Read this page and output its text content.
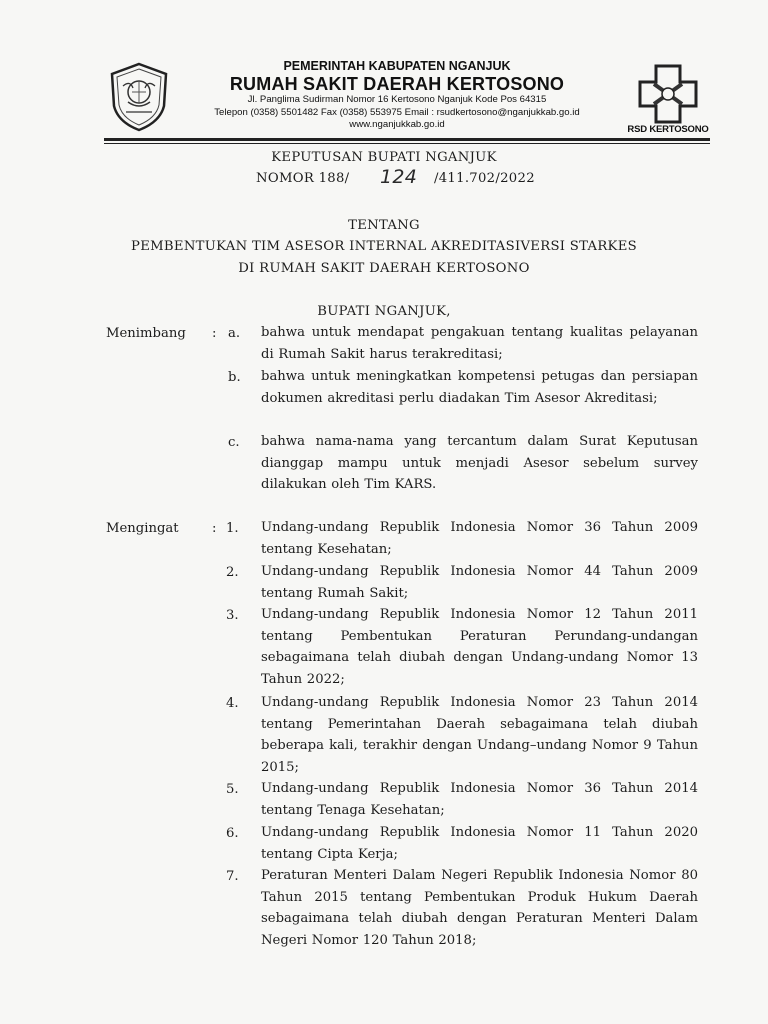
PEMERINTAH KABUPATEN NGANJUK
RUMAH SAKIT DAERAH KERTOSONO
Jl. Panglima Sudirman Nomor 16 Kertosono Nganjuk Kode Pos 64315
Telepon (0358) 5501482 Fax (0358) 553975 Email : rsudkertosono@nganjukkab.go.id
www.nganjukkab.go.id	RSD KERTOSONO
KEPUTUSAN BUPATI NGANJUK
NOMOR 188/ 124 /411.702/2022
TENTANG
PEMBENTUKAN TIM ASESOR INTERNAL AKREDITASIVERSI STARKES
DI RUMAH SAKIT DAERAH KERTOSONO
BUPATI NGANJUK,
Menimbang : a. bahwa untuk mendapat pengakuan tentang kualitas pelayanan di Rumah Sakit harus terakreditasi;
b. bahwa untuk meningkatkan kompetensi petugas dan persiapan dokumen akreditasi perlu diadakan Tim Asesor Akreditasi;
c. bahwa nama-nama yang tercantum dalam Surat Keputusan dianggap mampu untuk menjadi Asesor sebelum survey dilakukan oleh Tim KARS.
Mengingat	: 1. Undang-undang Republik Indonesia Nomor 36 Tahun 2009 tentang Kesehatan;
2. Undang-undang Republik Indonesia Nomor 44 Tahun 2009 tentang Rumah Sakit;
3. Undang-undang Republik Indonesia Nomor 12 Tahun 2011 tentang Pembentukan Peraturan Perundang-undangan sebagaimana telah diubah dengan Undang-undang Nomor 13 Tahun 2022;
4. Undang-undang Republik Indonesia Nomor 23 Tahun 2014 tentang Pemerintahan Daerah sebagaimana telah diubah beberapa kali, terakhir dengan Undang–undang Nomor 9 Tahun 2015;
5. Undang-undang Republik Indonesia Nomor 36 Tahun 2014 tentang Tenaga Kesehatan;
6. Undang-undang Republik Indonesia Nomor 11 Tahun 2020 tentang Cipta Kerja;
7. Peraturan Menteri Dalam Negeri Republik Indonesia Nomor 80 Tahun 2015 tentang Pembentukan Produk Hukum Daerah sebagaimana telah diubah dengan Peraturan Menteri Dalam Negeri Nomor 120 Tahun 2018;
